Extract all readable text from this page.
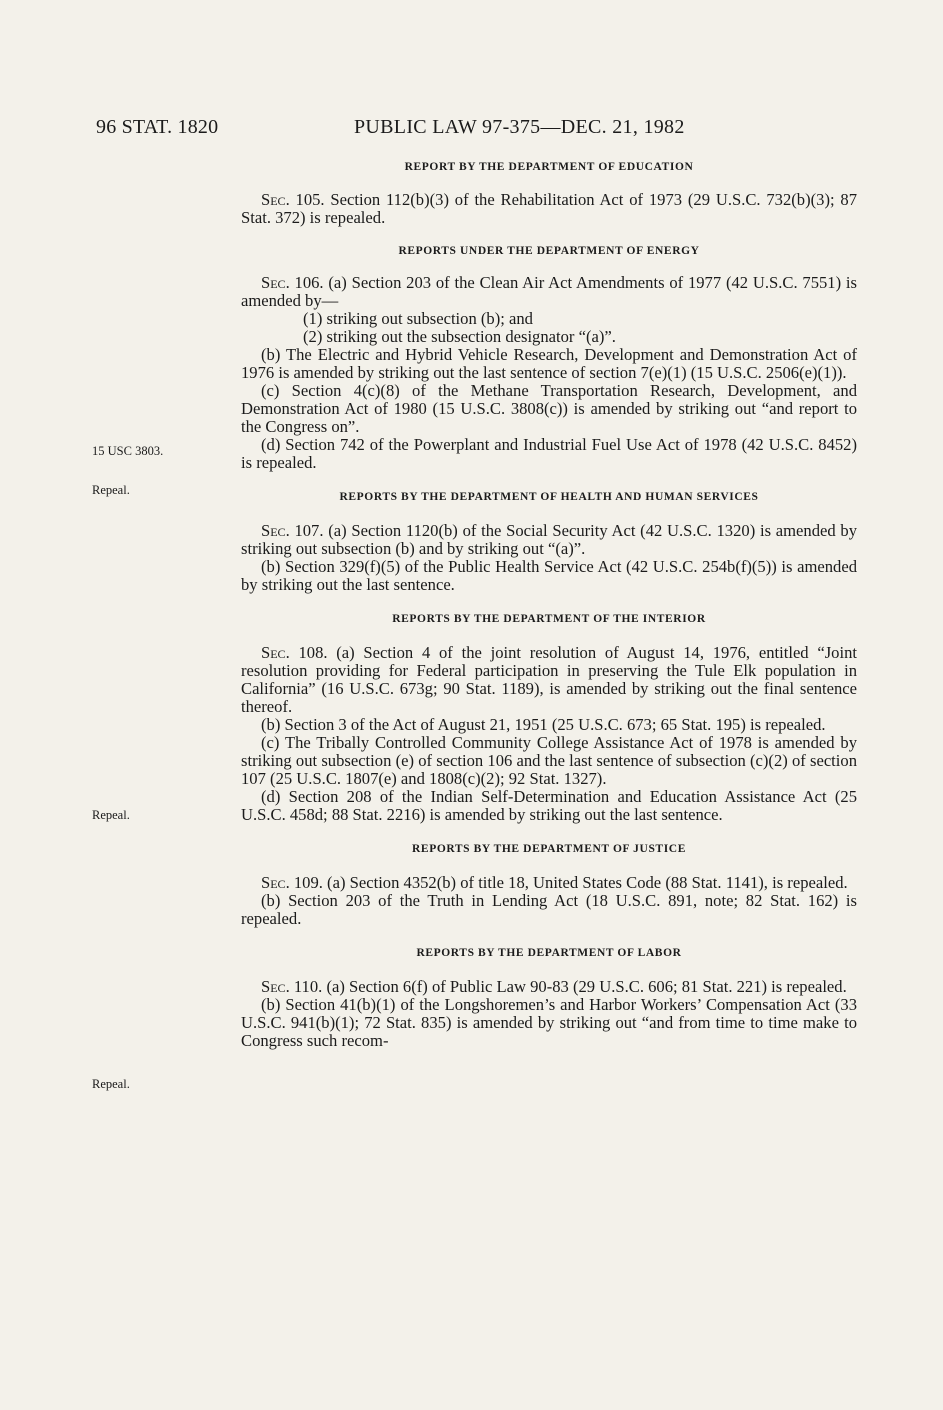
96 STAT. 1820	PUBLIC LAW 97-375—DEC. 21, 1982
15 USC 3803.
Repeal.
Repeal.
Repeal.

REPORT BY THE DEPARTMENT OF EDUCATION

Sec. 105. Section 112(b)(3) of the Rehabilitation Act of 1973 (29 U.S.C. 732(b)(3); 87 Stat. 372) is repealed.

REPORTS UNDER THE DEPARTMENT OF ENERGY

Sec. 106. (a) Section 203 of the Clean Air Act Amendments of 1977 (42 U.S.C. 7551) is amended by—

(1) striking out subsection (b); and

(2) striking out the subsection designator “(a)”.

(b) The Electric and Hybrid Vehicle Research, Development and Demonstration Act of 1976 is amended by striking out the last sentence of section 7(e)(1) (15 U.S.C. 2506(e)(1)).

(c) Section 4(c)(8) of the Methane Transportation Research, Development, and Demonstration Act of 1980 (15 U.S.C. 3808(c)) is amended by striking out “and report to the Congress on”.

(d) Section 742 of the Powerplant and Industrial Fuel Use Act of 1978 (42 U.S.C. 8452) is repealed.

REPORTS BY THE DEPARTMENT OF HEALTH AND HUMAN SERVICES

Sec. 107. (a) Section 1120(b) of the Social Security Act (42 U.S.C. 1320) is amended by striking out subsection (b) and by striking out “(a)”.

(b) Section 329(f)(5) of the Public Health Service Act (42 U.S.C. 254b(f)(5)) is amended by striking out the last sentence.

REPORTS BY THE DEPARTMENT OF THE INTERIOR

Sec. 108. (a) Section 4 of the joint resolution of August 14, 1976, entitled “Joint resolution providing for Federal participation in preserving the Tule Elk population in California” (16 U.S.C. 673g; 90 Stat. 1189), is amended by striking out the final sentence thereof.

(b) Section 3 of the Act of August 21, 1951 (25 U.S.C. 673; 65 Stat. 195) is repealed.

(c) The Tribally Controlled Community College Assistance Act of 1978 is amended by striking out subsection (e) of section 106 and the last sentence of subsection (c)(2) of section 107 (25 U.S.C. 1807(e) and 1808(c)(2); 92 Stat. 1327).

(d) Section 208 of the Indian Self-Determination and Education Assistance Act (25 U.S.C. 458d; 88 Stat. 2216) is amended by striking out the last sentence.

REPORTS BY THE DEPARTMENT OF JUSTICE

Sec. 109. (a) Section 4352(b) of title 18, United States Code (88 Stat. 1141), is repealed.

(b) Section 203 of the Truth in Lending Act (18 U.S.C. 891, note; 82 Stat. 162) is repealed.

REPORTS BY THE DEPARTMENT OF LABOR

Sec. 110. (a) Section 6(f) of Public Law 90-83 (29 U.S.C. 606; 81 Stat. 221) is repealed.

(b) Section 41(b)(1) of the Longshoremen’s and Harbor Workers’ Compensation Act (33 U.S.C. 941(b)(1); 72 Stat. 835) is amended by striking out “and from time to time make to Congress such recom-
